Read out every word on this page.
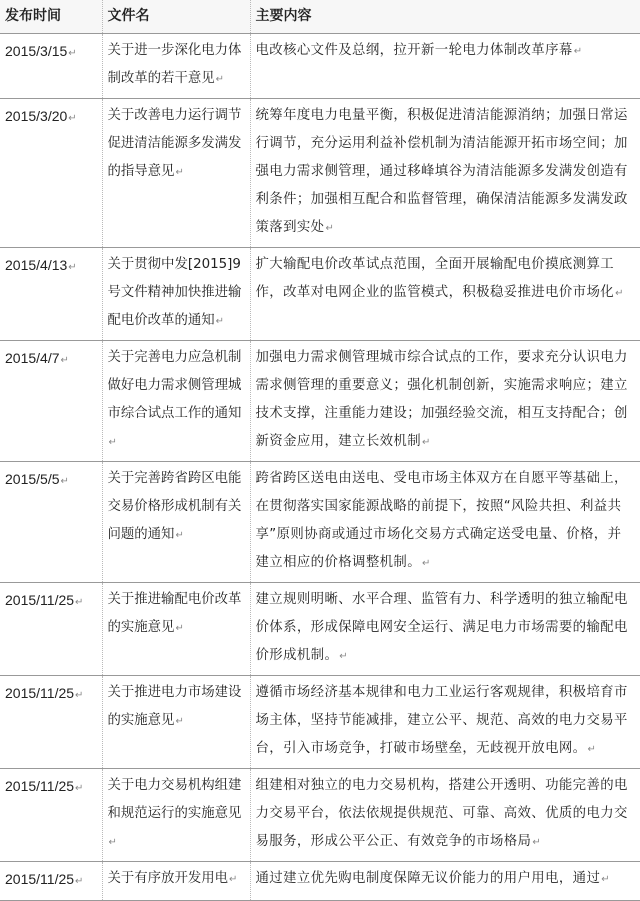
发布时间	文件名	主要内容
2015/3/15↵	关于进一步深化电力体制改革的若干意见↵	电改核心文件及总纲，拉开新一轮电力体制改革序幕↵
2015/3/20↵	关于改善电力运行调节促进清洁能源多发满发的指导意见↵	统筹年度电力电量平衡，积极促进清洁能源消纳；加强日常运行调节，充分运用利益补偿机制为清洁能源开拓市场空间；加强电力需求侧管理，通过移峰填谷为清洁能源多发满发创造有利条件；加强相互配合和监督管理，确保清洁能源多发满发政策落到实处↵
2015/4/13↵	关于贯彻中发[2015]9号文件精神加快推进输配电价改革的通知↵	扩大输配电价改革试点范围，全面开展输配电价摸底测算工作，改革对电网企业的监管模式，积极稳妥推进电价市场化↵
2015/4/7↵	关于完善电力应急机制做好电力需求侧管理城市综合试点工作的通知↵	加强电力需求侧管理城市综合试点的工作，要求充分认识电力需求侧管理的重要意义；强化机制创新，实施需求响应；建立技术支撑，注重能力建设；加强经验交流，相互支持配合；创新资金应用，建立长效机制↵
2015/5/5↵	关于完善跨省跨区电能交易价格形成机制有关问题的通知↵	跨省跨区送电由送电、受电市场主体双方在自愿平等基础上，在贯彻落实国家能源战略的前提下，按照“风险共担、利益共享”原则协商或通过市场化交易方式确定送受电量、价格，并建立相应的价格调整机制。↵
2015/11/25↵	关于推进输配电价改革的实施意见↵	建立规则明晰、水平合理、监管有力、科学透明的独立输配电价体系，形成保障电网安全运行、满足电力市场需要的输配电价形成机制。↵
2015/11/25↵	关于推进电力市场建设的实施意见↵	遵循市场经济基本规律和电力工业运行客观规律，积极培育市场主体，坚持节能减排，建立公平、规范、高效的电力交易平台，引入市场竞争，打破市场壁垒，无歧视开放电网。↵
2015/11/25↵	关于电力交易机构组建和规范运行的实施意见↵	组建相对独立的电力交易机构，搭建公开透明、功能完善的电力交易平台，依法依规提供规范、可靠、高效、优质的电力交易服务，形成公平公正、有效竞争的市场格局↵
2015/11/25↵	关于有序放开发用电↵	通过建立优先购电制度保障无议价能力的用户用电，通过↵
